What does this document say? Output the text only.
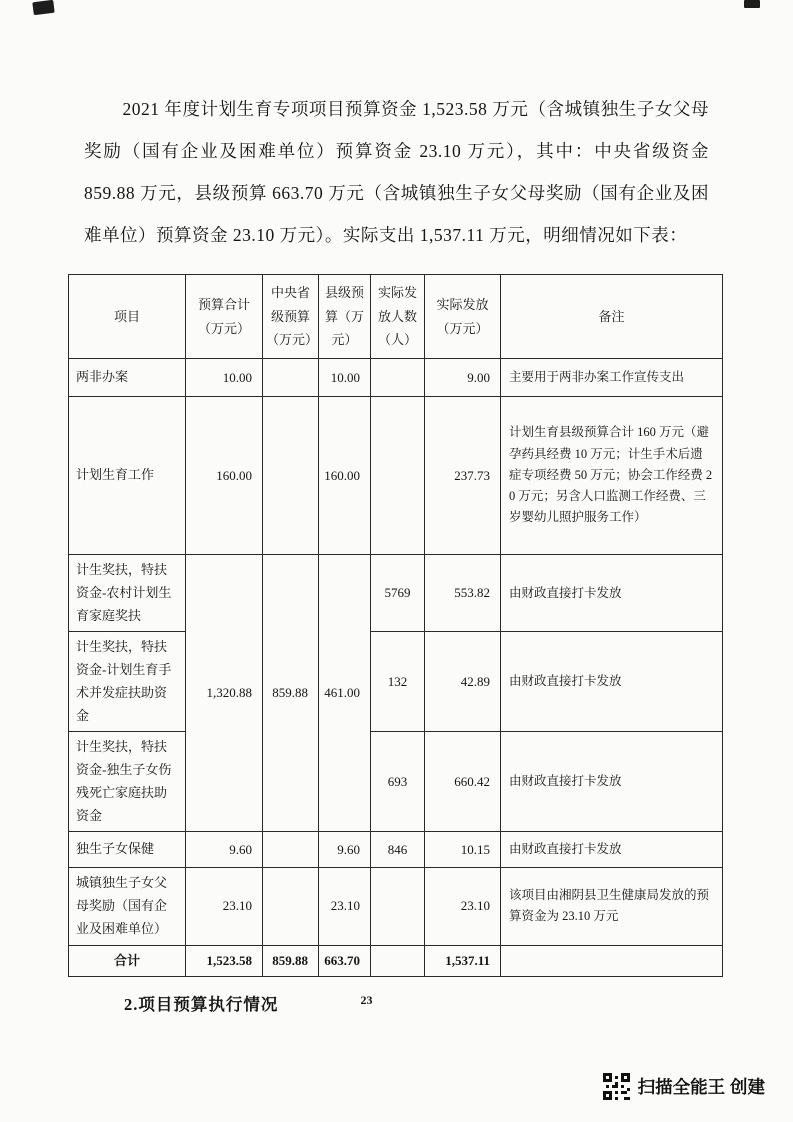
2021 年度计划生育专项项目预算资金 1,523.58 万元（含城镇独生子女父母奖励（国有企业及困难单位）预算资金 23.10 万元），其中：中央省级资金 859.88 万元，县级预算 663.70 万元（含城镇独生子女父母奖励（国有企业及困难单位）预算资金 23.10 万元）。实际支出 1,537.11 万元，明细情况如下表：

项目	预算合计（万元）	中央省级预算（万元）	县级预算（万元）	实际发放人数（人）	实际发放（万元）	备注
两非办案	10.00		10.00		9.00	主要用于两非办案工作宣传支出
计划生育工作	160.00		160.00		237.73	计划生育县级预算合计 160 万元（避孕药具经费 10 万元；计生手术后遗症专项经费 50 万元；协会工作经费 20 万元；另含人口监测工作经费、三岁婴幼儿照护服务工作）
计生奖扶，特扶资金-农村计划生育家庭奖扶	1,320.88	859.88	461.00	5769	553.82	由财政直接打卡发放
计生奖扶，特扶资金-计划生育手术并发症扶助资金				132	42.89	由财政直接打卡发放
计生奖扶，特扶资金-独生子女伤残死亡家庭扶助资金				693	660.42	由财政直接打卡发放
独生子女保健	9.60		9.60	846	10.15	由财政直接打卡发放
城镇独生子女父母奖励（国有企业及困难单位）	23.10		23.10		23.10	该项目由湘阴县卫生健康局发放的预算资金为 23.10 万元
合计	1,523.58	859.88	663.70		1,537.11	

2.项目预算执行情况	23
扫描全能王 创建
